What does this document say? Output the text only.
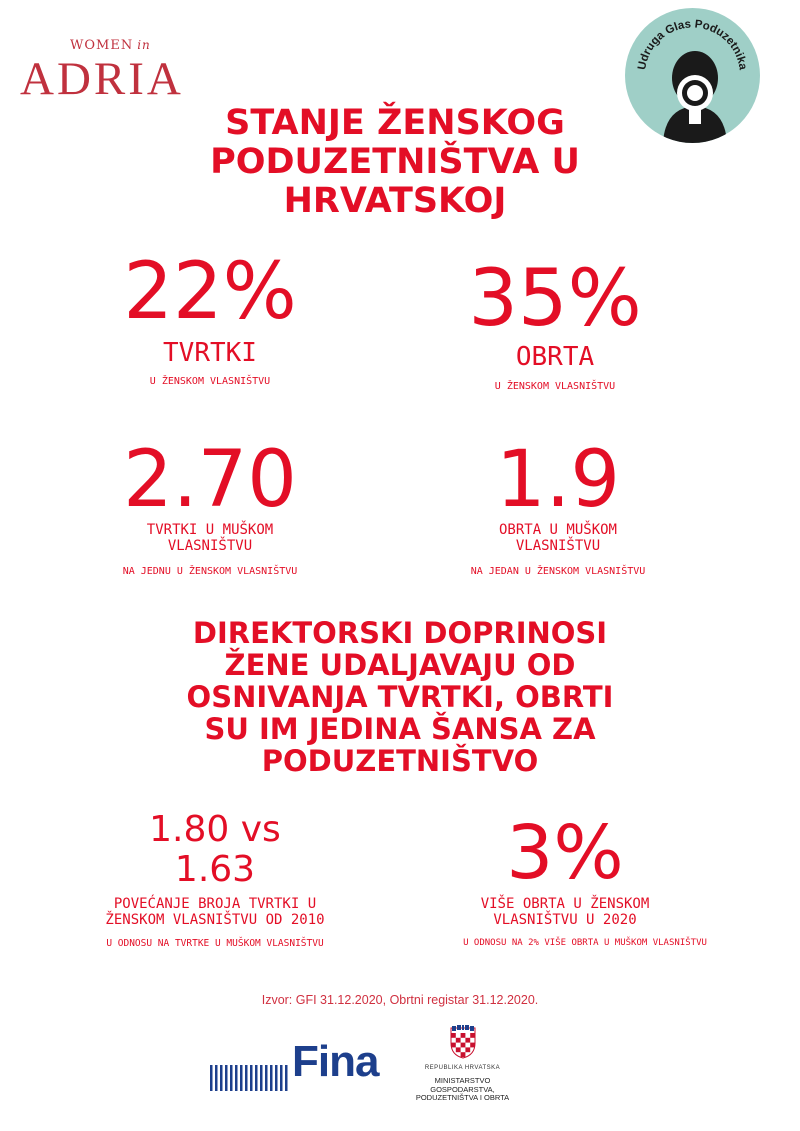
WOMEN in
ADRIA	Udruga Glas Poduzetnika
STANJE ŽENSKOG PODUZETNIŠTVA U HRVATSKOJ
22%
TVRTKI
U ŽENSKOM VLASNIŠTVU
35%
OBRTA
U ŽENSKOM VLASNIŠTVU
2.70
TVRTKI U MUŠKOM VLASNIŠTVU
NA JEDNU U ŽENSKOM VLASNIŠTVU
1.9
OBRTA U MUŠKOM VLASNIŠTVU
NA JEDAN U ŽENSKOM VLASNIŠTVU
DIREKTORSKI DOPRINOSI ŽENE UDALJAVAJU OD OSNIVANJA TVRTKI, OBRTI SU IM JEDINA ŠANSA ZA PODUZETNIŠTVO
1.80 vs 1.63
POVEĆANJE BROJA TVRTKI U ŽENSKOM VLASNIŠTVU OD 2010
U ODNOSU NA TVRTKE U MUŠKOM VLASNIŠTVU
3%
VIŠE OBRTA U ŽENSKOM VLASNIŠTVU U 2020
U ODNOSU NA 2% VIŠE OBRTA U MUŠKOM VLASNIŠTVU
Izvor: GFI 31.12.2020, Obrtni registar 31.12.2020.
Fina	REPUBLIKA HRVATSKA
MINISTARSTVO GOSPODARSTVA, PODUZETNIŠTVA I OBRTA
